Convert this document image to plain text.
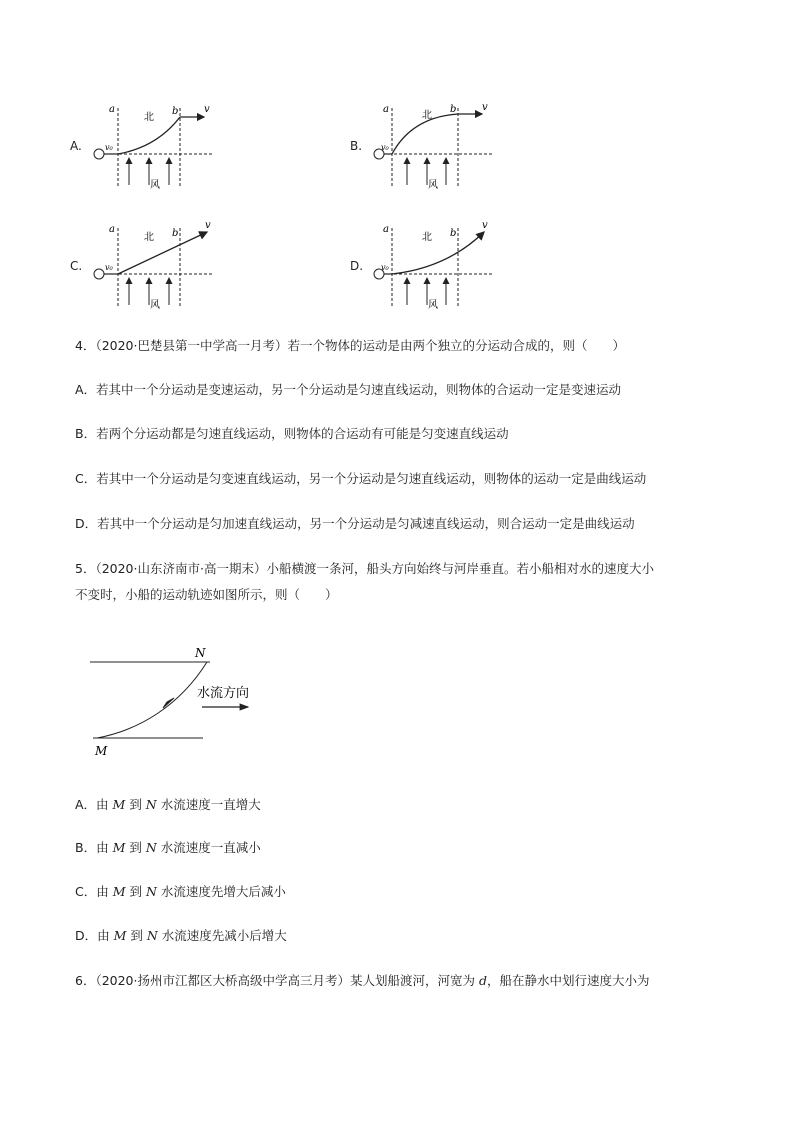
A.
a	b
北
风
v₀
v
B.
a	b
北
风
v₀
v
C.
a	b
北
风
v₀
v
D.
a	b
北
风
v₀
v
4．（2020·巴楚县第一中学高一月考）若一个物体的运动是由两个独立的分运动合成的，则（　　）
A．若其中一个分运动是变速运动，另一个分运动是匀速直线运动，则物体的合运动一定是变速运动
B．若两个分运动都是匀速直线运动，则物体的合运动有可能是匀变速直线运动
C．若其中一个分运动是匀变速直线运动，另一个分运动是匀速直线运动，则物体的运动一定是曲线运动
D．若其中一个分运动是匀加速直线运动，另一个分运动是匀减速直线运动，则合运动一定是曲线运动
5．（2020·山东济南市·高一期末）小船横渡一条河，船头方向始终与河岸垂直。若小船相对水的速度大小
不变时，小船的运动轨迹如图所示，则（　　）
N
M
水流方向
A．由 M 到 N 水流速度一直增大
B．由 M 到 N 水流速度一直减小
C．由 M 到 N 水流速度先增大后减小
D．由 M 到 N 水流速度先减小后增大
6．（2020·扬州市江都区大桥高级中学高三月考）某人划船渡河，河宽为 d，船在静水中划行速度大小为
